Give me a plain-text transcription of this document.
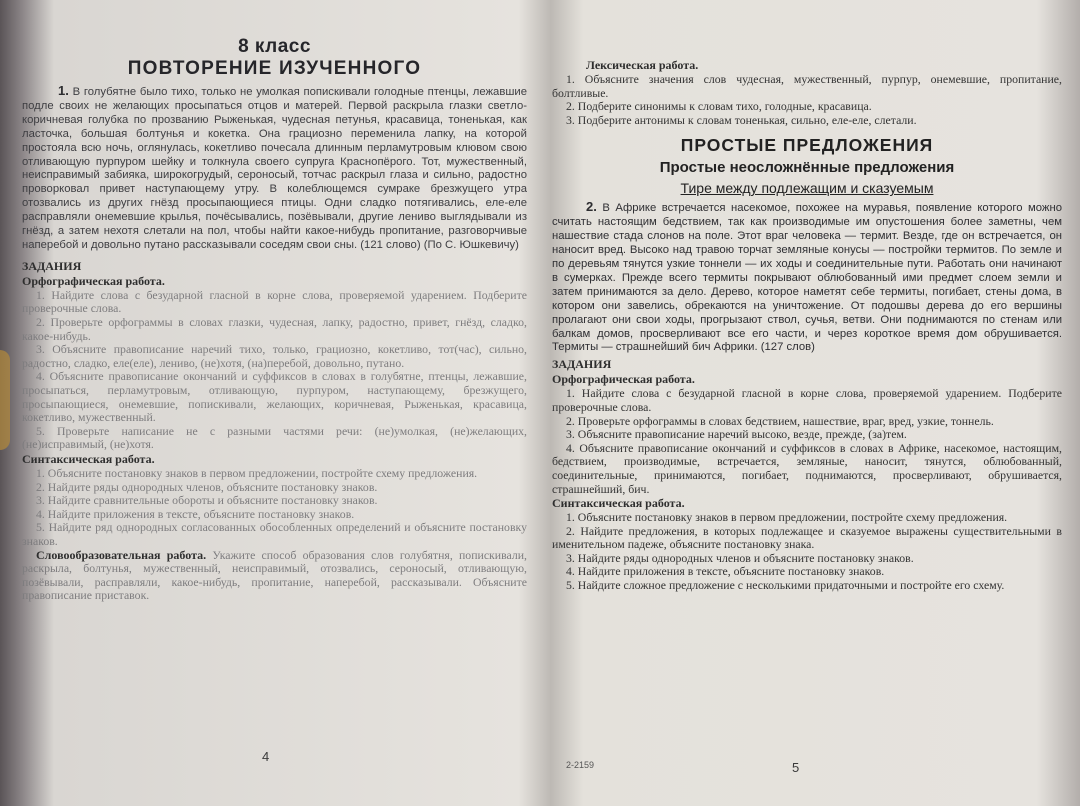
8 класс
ПОВТОРЕНИЕ ИЗУЧЕННОГО
1. В голубятне было тихо, только не умолкая попискивали голодные птенцы, лежавшие подле своих не желающих просыпаться отцов и матерей. Первой раскрыла глазки светло-коричневая голубка по прозванию Рыженькая, чудесная петунья, красавица, тоненькая, как ласточка, большая болтунья и кокетка. Она грациозно переменила лапку, на которой простояла всю ночь, оглянулась, кокетливо почесала длинным перламутровым клювом свою отливающую пурпуром шейку и толкнула своего супруга Краснопёрого. Тот, мужественный, неисправимый забияка, широкогрудый, сероносый, тотчас раскрыл глаза и сильно, радостно проворковал привет наступающему утру. В колеблющемся сумраке брезжущего утра отозвались из других гнёзд просыпающиеся птицы. Одни сладко потягивались, еле-еле расправляли онемевшие крылья, почёсывались, позёвывали, другие лениво выглядывали из гнёзд, а затем нехотя слетали на пол, чтобы найти какое-нибудь пропитание, разговорчивые наперебой и довольно путано рассказывали соседям свои сны. (121 слово) (По С. Юшкевичу)
ЗАДАНИЯ
Орфографическая работа.
1. Найдите слова с безударной гласной в корне слова, проверяемой ударением. Подберите проверочные слова.
2. Проверьте орфограммы в словах глазки, чудесная, лапку, радостно, привет, гнёзд, сладко, какое-нибудь.
3. Объясните правописание наречий тихо, только, грациозно, кокетливо, тот(час), сильно, радостно, сладко, еле(еле), лениво, (не)хотя, (на)перебой, довольно, путано.
4. Объясните правописание окончаний и суффиксов в словах в голубятне, птенцы, лежавшие, просыпаться, перламутровым, отливающую, пурпуром, наступающему, брезжущего, просыпающиеся, онемевшие, попискивали, желающих, коричневая, Рыженькая, красавица, кокетливо, мужественный.
5. Проверьте написание не с разными частями речи: (не)умолкая, (не)желающих, (не)исправимый, (не)хотя.
Синтаксическая работа.
1. Объясните постановку знаков в первом предложении, постройте схему предложения.
2. Найдите ряды однородных членов, объясните постановку знаков.
3. Найдите сравнительные обороты и объясните постановку знаков.
4. Найдите приложения в тексте, объясните постановку знаков.
5. Найдите ряд однородных согласованных обособленных определений и объясните постановку знаков.
Словообразовательная работа. Укажите способ образования слов голубятня, попискивали, раскрыла, болтунья, мужественный, неисправимый, отозвались, сероносый, отливающую, позёвывали, расправляли, какое-нибудь, пропитание, наперебой, рассказывали. Объясните правописание приставок.
4
Лексическая работа.
1. Объясните значения слов чудесная, мужественный, пурпур, онемевшие, пропитание, болтливые.
2. Подберите синонимы к словам тихо, голодные, красавица.
3. Подберите антонимы к словам тоненькая, сильно, еле-еле, слетали.
ПРОСТЫЕ ПРЕДЛОЖЕНИЯ
Простые неосложнённые предложения
Тире между подлежащим и сказуемым
2. В Африке встречается насекомое, похожее на муравья, появление которого можно считать настоящим бедствием, так как производимые им опустошения более заметны, чем нашествие стада слонов на поле. Этот враг человека — термит. Везде, где он встречается, он наносит вред. Высоко над травою торчат земляные конусы — постройки термитов. По земле и по деревьям тянутся узкие тоннели — их ходы и соединительные пути. Работать они начинают в сумерках. Прежде всего термиты покрывают облюбованный ими предмет слоем земли и затем принимаются за дело. Дерево, которое наметят себе термиты, погибает, стены дома, в котором они завелись, обрекаются на уничтожение. От подошвы дерева до его вершины пролагают они свои ходы, прогрызают ствол, сучья, ветви. Они поднимаются по стенам или балкам домов, просверливают все его части, и через короткое время дом обрушивается. Термиты — страшнейший бич Африки. (127 слов)
ЗАДАНИЯ
Орфографическая работа.
1. Найдите слова с безударной гласной в корне слова, проверяемой ударением. Подберите проверочные слова.
2. Проверьте орфограммы в словах бедствием, нашествие, враг, вред, узкие, тоннель.
3. Объясните правописание наречий высоко, везде, прежде, (за)тем.
4. Объясните правописание окончаний и суффиксов в словах в Африке, насекомое, настоящим, бедствием, производимые, встречается, земляные, наносит, тянутся, облюбованный, соединительные, принимаются, погибает, поднимаются, просверливают, обрушивается, страшнейший, бич.
Синтаксическая работа.
1. Объясните постановку знаков в первом предложении, постройте схему предложения.
2. Найдите предложения, в которых подлежащее и сказуемое выражены существительными в именительном падеже, объясните постановку знака.
3. Найдите ряды однородных членов и объясните постановку знаков.
4. Найдите приложения в тексте, объясните постановку знаков.
5. Найдите сложное предложение с несколькими придаточными и постройте его схему.
2-2159	5
